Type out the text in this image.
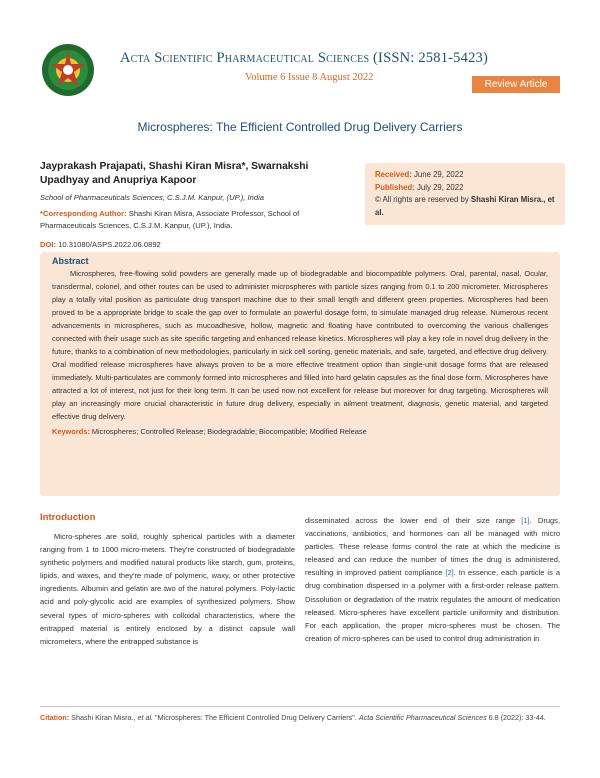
Acta Scientific Pharmaceutical Sciences (ISSN: 2581-5423)
Volume 6 Issue 8 August 2022
Review Article
Microspheres: The Efficient Controlled Drug Delivery Carriers
Jayprakash Prajapati, Shashi Kiran Misra*, Swarnakshi Upadhyay and Anupriya Kapoor
School of Pharmaceuticals Sciences, C.S.J.M. Kanpur, (UP.), India
*Corresponding Author: Shashi Kiran Misra, Associate Professor, School of Pharmaceuticals Sciences, C.S.J.M. Kanpur, (UP.), India.
DOI: 10.31080/ASPS.2022.06.0892
Received: June 29, 2022
Published: July 29, 2022
© All rights are reserved by Shashi Kiran Misra., et al.
Abstract

Microspheres, free-flowing solid powders are generally made up of biodegradable and biocompatible polymers. Oral, parental, nasal, Ocular, transdermal, colonel, and other routes can be used to administer microspheres with particle sizes ranging from 0.1 to 200 micrometer. Microspheres play a totally vital position as particulate drug transport machine due to their small length and different green properties. Microspheres had been proved to be a appropriate bridge to scale the gap over to formulate an powerful dosage form, to simulate managed drug release. Numerous recent advancements in microspheres, such as mucoadhesive, hollow, magnetic and floating have contributed to overcoming the various challenges connected with their usage such as site specific targeting and enhanced release kinetics. Microspheres will play a key role in novel drug delivery in the future, thanks to a combination of new methodologies, particularly in sick cell sorting, genetic materials, and safe, targeted, and effective drug delivery. Oral modified release microspheres have always proven to be a more effective treatment option than single-unit dosage forms that are released immediately. Multi-particulates are commonly formed into microspheres and filled into hard gelatin capsules as the final dose form. Microspheres have attracted a lot of interest, not just for their long term. It can be used now not excellent for release but moreover for drug targeting. Microspheres will play an increasingly more crucial characteristic in future drug delivery, especially in ailment treatment, diagnosis, genetic material, and targeted effective drug delivery.

Keywords: Microspheres; Controlled Release; Biodegradable; Biocompatible; Modified Release
Introduction

Micro-spheres are solid, roughly spherical particles with a diameter ranging from 1 to 1000 micro-meters. They're constructed of biodegradable synthetic polymers and modified natural products like starch, gum, proteins, lipids, and waxes, and they're made of polymeric, waxy, or other protective ingredients. Albumin and gelatin are two of the natural polymers. Poly-lactic acid and poly-glycolic acid are examples of synthesized polymers. Show several types of micro-spheres with colloidal characteristics, where the entrapped material is entirely enclosed by a distinct capsule wall micrometers, where the entrapped substance is

disseminated across the lower end of their size range [1]. Drugs, vaccinations, antibiotics, and hormones can all be managed with micro particles. These release forms control the rate at which the medicine is released and can reduce the number of times the drug is administered, resulting in improved patient compliance [2]. In essence, each particle is a drug combination dispersed in a polymer with a first-order release pattern. Dissolution or degradation of the matrix regulates the amount of medication released. Micro-spheres have excellent particle uniformity and distribution. For each application, the proper micro-spheres must be chosen. The creation of micro-spheres can be used to control drug administration in

Citation: Shashi Kiran Misra., et al. "Microspheres: The Efficient Controlled Drug Delivery Carriers". Acta Scientific Pharmaceutical Sciences 6.8 (2022): 33-44.
